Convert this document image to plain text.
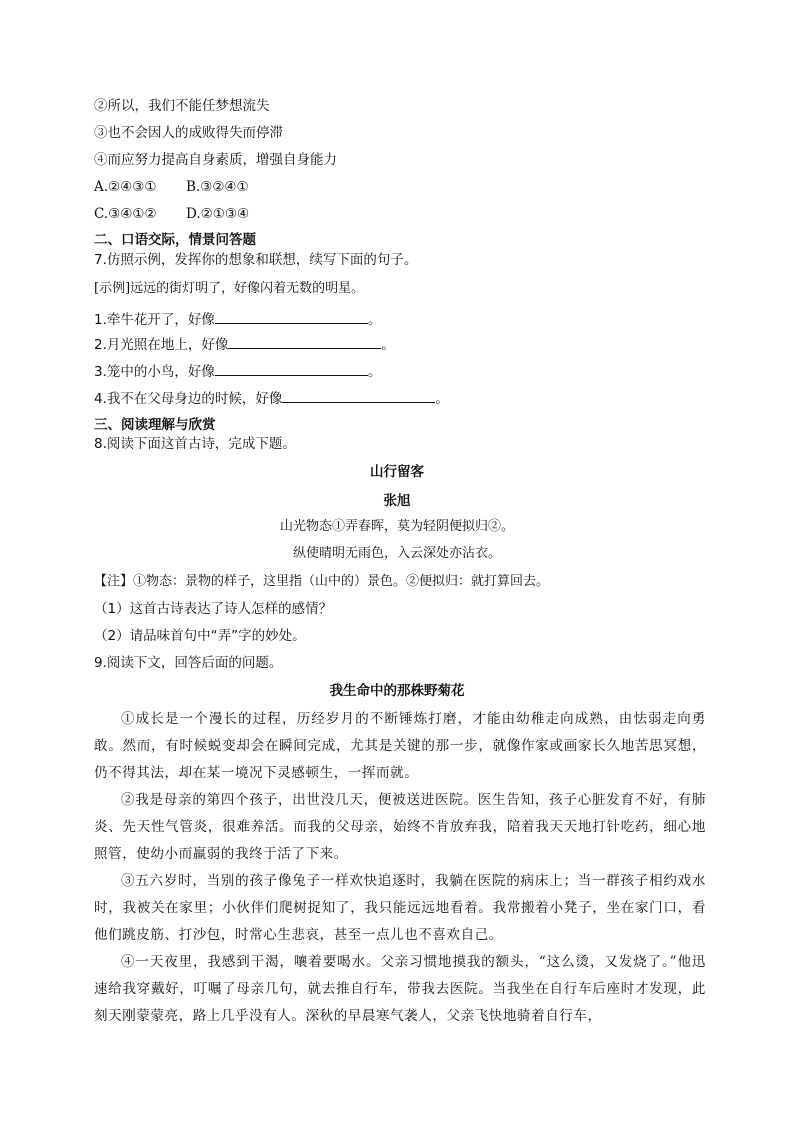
②所以，我们不能任梦想流失
③也不会因人的成败得失而停滞
④而应努力提高自身素质，增强自身能力
A.②④③① B.③②④①
C.③④①② D.②①③④
二、口语交际，情景问答题
7.仿照示例，发挥你的想象和联想，续写下面的句子。
[示例]远远的街灯明了，好像闪着无数的明星。
1.牵牛花开了，好像	。
2.月光照在地上，好像	。
3.笼中的小鸟，好像	。
4.我不在父母身边的时候，好像	。
三、阅读理解与欣赏
8.阅读下面这首古诗，完成下题。
山行留客
张旭
山光物态①弄春晖，莫为轻阴便拟归②。
纵使晴明无雨色，入云深处亦沾衣。
【注】①物态：景物的样子，这里指（山中的）景色。②便拟归：就打算回去。
（1）这首古诗表达了诗人怎样的感情？
（2）请品味首句中“弄”字的妙处。
9.阅读下文，回答后面的问题。
我生命中的那株野菊花
①成长是一个漫长的过程，历经岁月的不断锤炼打磨，才能由幼稚走向成熟，由怯弱走向勇敢。然而，有时候蜕变却会在瞬间完成，尤其是关键的那一步，就像作家或画家长久地苦思冥想，仍不得其法，却在某一境况下灵感顿生，一挥而就。
②我是母亲的第四个孩子，出世没几天，便被送进医院。医生告知，孩子心脏发育不好，有肺炎、先天性气管炎，很难养活。而我的父母亲，始终不肯放弃我，陪着我天天地打针吃药，细心地照管，使幼小而羸弱的我终于活了下来。
③五六岁时，当别的孩子像兔子一样欢快追逐时，我躺在医院的病床上；当一群孩子相约戏水时，我被关在家里；小伙伴们爬树捉知了，我只能远远地看着。我常搬着小凳子，坐在家门口，看他们跳皮筋、打沙包，时常心生悲哀，甚至一点儿也不喜欢自己。
④一天夜里，我感到干渴，嚷着要喝水。父亲习惯地摸我的额头，“这么烫，又发烧了。”他迅速给我穿戴好，叮嘱了母亲几句，就去推自行车，带我去医院。当我坐在自行车后座时才发现，此刻天刚蒙蒙亮，路上几乎没有人。深秋的早晨寒气袭人，父亲飞快地骑着自行车，
